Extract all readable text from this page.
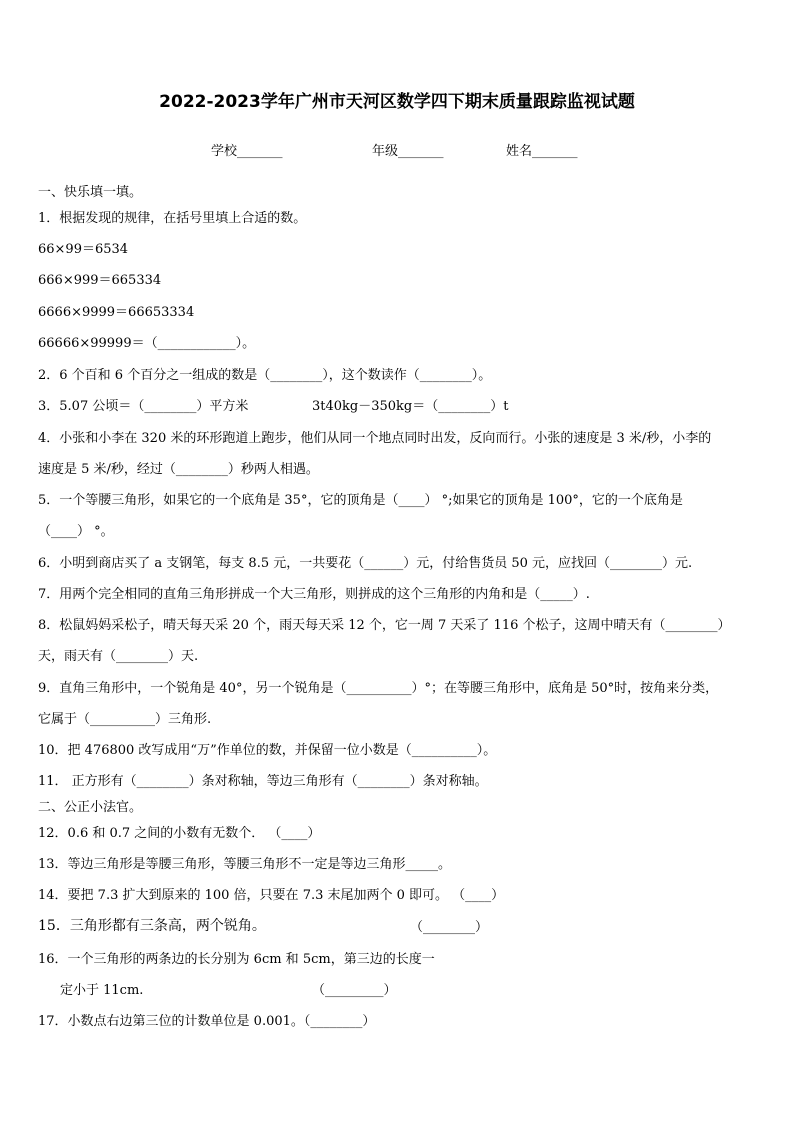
2022-2023学年广州市天河区数学四下期末质量跟踪监视试题
学校_______	年级_______	姓名_______
一、快乐填一填。
1．根据发现的规律，在括号里填上合适的数。
66×99＝6534
666×999＝665334
6666×9999＝66653334
66666×99999＝（____________）。
2．6 个百和 6 个百分之一组成的数是（________），这个数读作（________）。
3．5.07 公顷＝（________）平方米	3t40kg－350kg＝（________）t
4．小张和小李在 320 米的环形跑道上跑步，他们从同一个地点同时出发，反向而行。小张的速度是 3 米/秒，小李的
速度是 5 米/秒，经过（________）秒两人相遇。
5．一个等腰三角形，如果它的一个底角是 35°，它的顶角是（____） °;如果它的顶角是 100°，它的一个底角是
（____） °。
6．小明到商店买了 a 支钢笔，每支 8.5 元，一共要花（______）元，付给售货员 50 元，应找回（________）元.
7．用两个完全相同的直角三角形拼成一个大三角形，则拼成的这个三角形的内角和是（_____）.
8．松鼠妈妈采松子，晴天每天采 20 个，雨天每天采 12 个，它一周 7 天采了 116 个松子，这周中晴天有（________）
天，雨天有（________）天.
9．直角三角形中，一个锐角是 40°，另一个锐角是（__________）°；在等腰三角形中，底角是 50°时，按角来分类，
它属于（__________）三角形.
10．把 476800 改写成用“万”作单位的数，并保留一位小数是（__________）。
11． 正方形有（________）条对称轴，等边三角形有（________）条对称轴。
二、公正小法官。
12．0.6 和 0.7 之间的小数有无数个． （____）
13．等边三角形是等腰三角形，等腰三角形不一定是等边三角形_____。
14．要把 7.3 扩大到原来的 100 倍，只要在 7.3 末尾加两个 0 即可。 （____）
15．三角形都有三条高，两个锐角。	（________）
16．一个三角形的两条边的长分别为 6cm 和 5cm，第三边的长度一
定小于 11cm.	（_________）
17．小数点右边第三位的计数单位是 0.001。（________）
